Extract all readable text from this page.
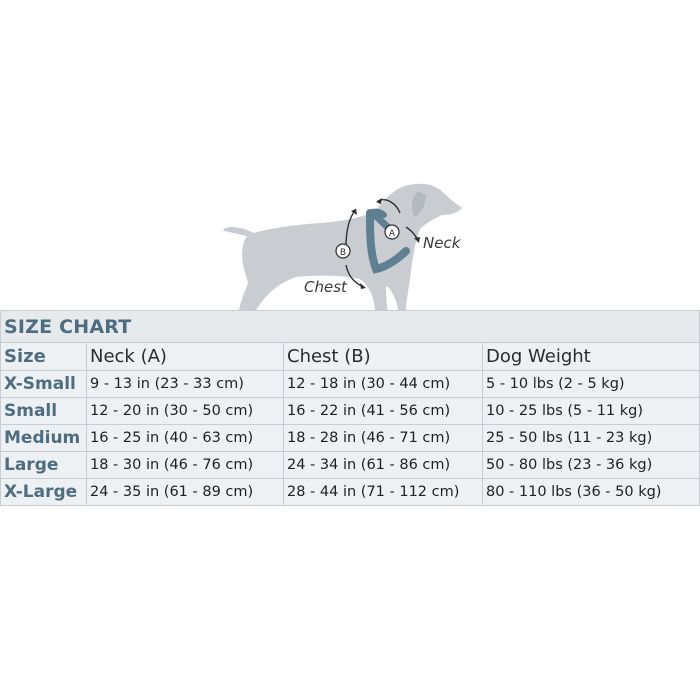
A
B
Neck
Chest
SIZE CHART			
Size	Neck (A)	Chest (B)	Dog Weight
X-Small	9 - 13 in (23 - 33 cm)	12 - 18 in (30 - 44 cm)	5 - 10 lbs (2 - 5 kg)
Small	12 - 20 in (30 - 50 cm)	16 - 22 in (41 - 56 cm)	10 - 25 lbs (5 - 11 kg)
Medium	16 - 25 in (40 - 63 cm)	18 - 28 in (46 - 71 cm)	25 - 50 lbs (11 - 23 kg)
Large	18 - 30 in (46 - 76 cm)	24 - 34 in (61 - 86 cm)	50 - 80 lbs (23 - 36 kg)
X-Large	24 - 35 in (61 - 89 cm)	28 - 44 in (71 - 112 cm)	80 - 110 lbs (36 - 50 kg)
